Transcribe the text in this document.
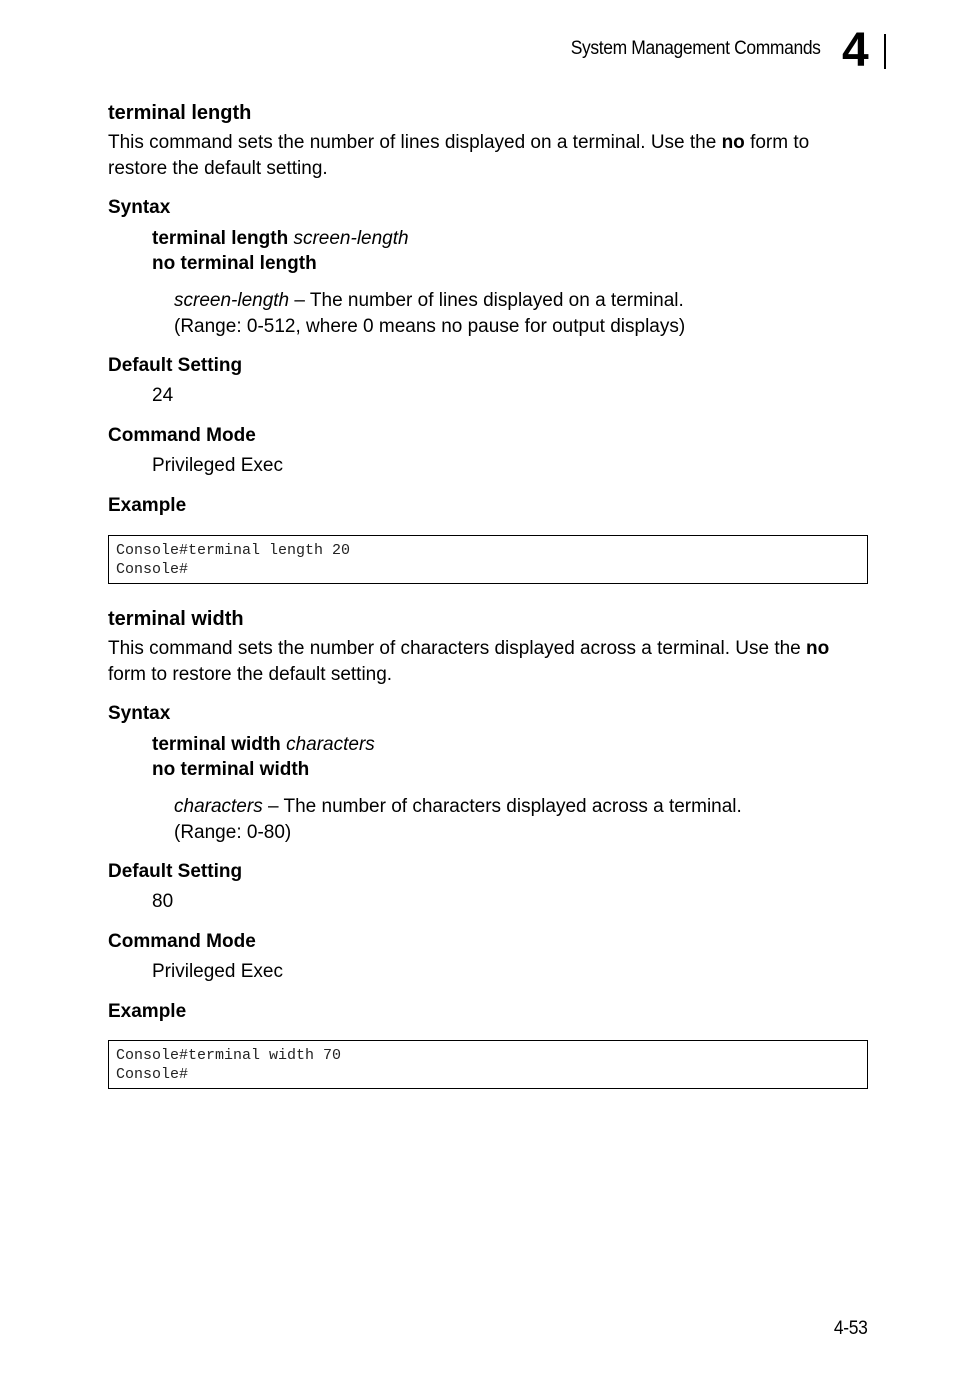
System Management Commands 4
terminal length
This command sets the number of lines displayed on a terminal. Use the no form to restore the default setting.
Syntax
terminal length screen-length
no terminal length
screen-length – The number of lines displayed on a terminal.
(Range: 0-512, where 0 means no pause for output displays)
Default Setting
24
Command Mode
Privileged Exec
Example
Console#terminal length 20
Console#
terminal width
This command sets the number of characters displayed across a terminal. Use the no form to restore the default setting.
Syntax
terminal width characters
no terminal width
characters – The number of characters displayed across a terminal.
(Range: 0-80)
Default Setting
80
Command Mode
Privileged Exec
Example
Console#terminal width 70
Console#
4-53
